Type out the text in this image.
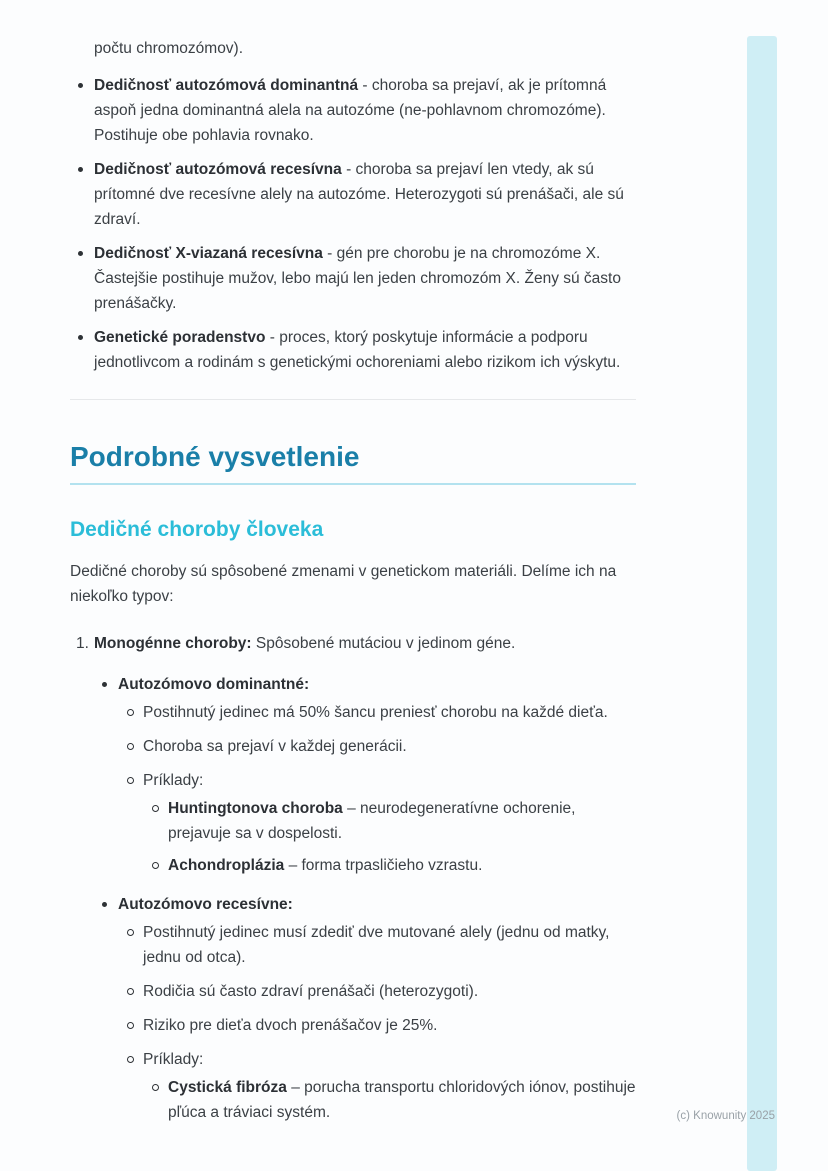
počtu chromozómov).

Dedičnosť autozómová dominantná - choroba sa prejaví, ak je prítomná aspoň jedna dominantná alela na autozóme (ne-pohlavnom chromozóme). Postihuje obe pohlavia rovnako.

Dedičnosť autozómová recesívna - choroba sa prejaví len vtedy, ak sú prítomné dve recesívne alely na autozóme. Heterozygoti sú prenášači, ale sú zdraví.

Dedičnosť X-viazaná recesívna - gén pre chorobu je na chromozóme X. Častejšie postihuje mužov, lebo majú len jeden chromozóm X. Ženy sú často prenášačky.

Genetické poradenstvo - proces, ktorý poskytuje informácie a podporu jednotlivcom a rodinám s genetickými ochoreniami alebo rizikom ich výskytu.

Podrobné vysvetlenie
Dedičné choroby človeka

Dedičné choroby sú spôsobené zmenami v genetickom materiáli. Delíme ich na niekoľko typov:

1. Monogénne choroby: Spôsobené mutáciou v jedinom géne.

Autozómovo dominantné:

Postihnutý jedinec má 50% šancu preniesť chorobu na každé dieťa.

Choroba sa prejaví v každej generácii.

Príklady:

Huntingtonova choroba – neurodegeneratívne ochorenie, prejavuje sa v dospelosti.

Achondroplázia – forma trpasličieho vzrastu.

Autozómovo recesívne:

Postihnutý jedinec musí zdediť dve mutované alely (jednu od matky, jednu od otca).

Rodičia sú často zdraví prenášači (heterozygoti).

Riziko pre dieťa dvoch prenášačov je 25%.

Príklady:

Cystická fibróza – porucha transportu chloridových iónov, postihuje pľúca a tráviaci systém.	(c) Knowunity 2025
